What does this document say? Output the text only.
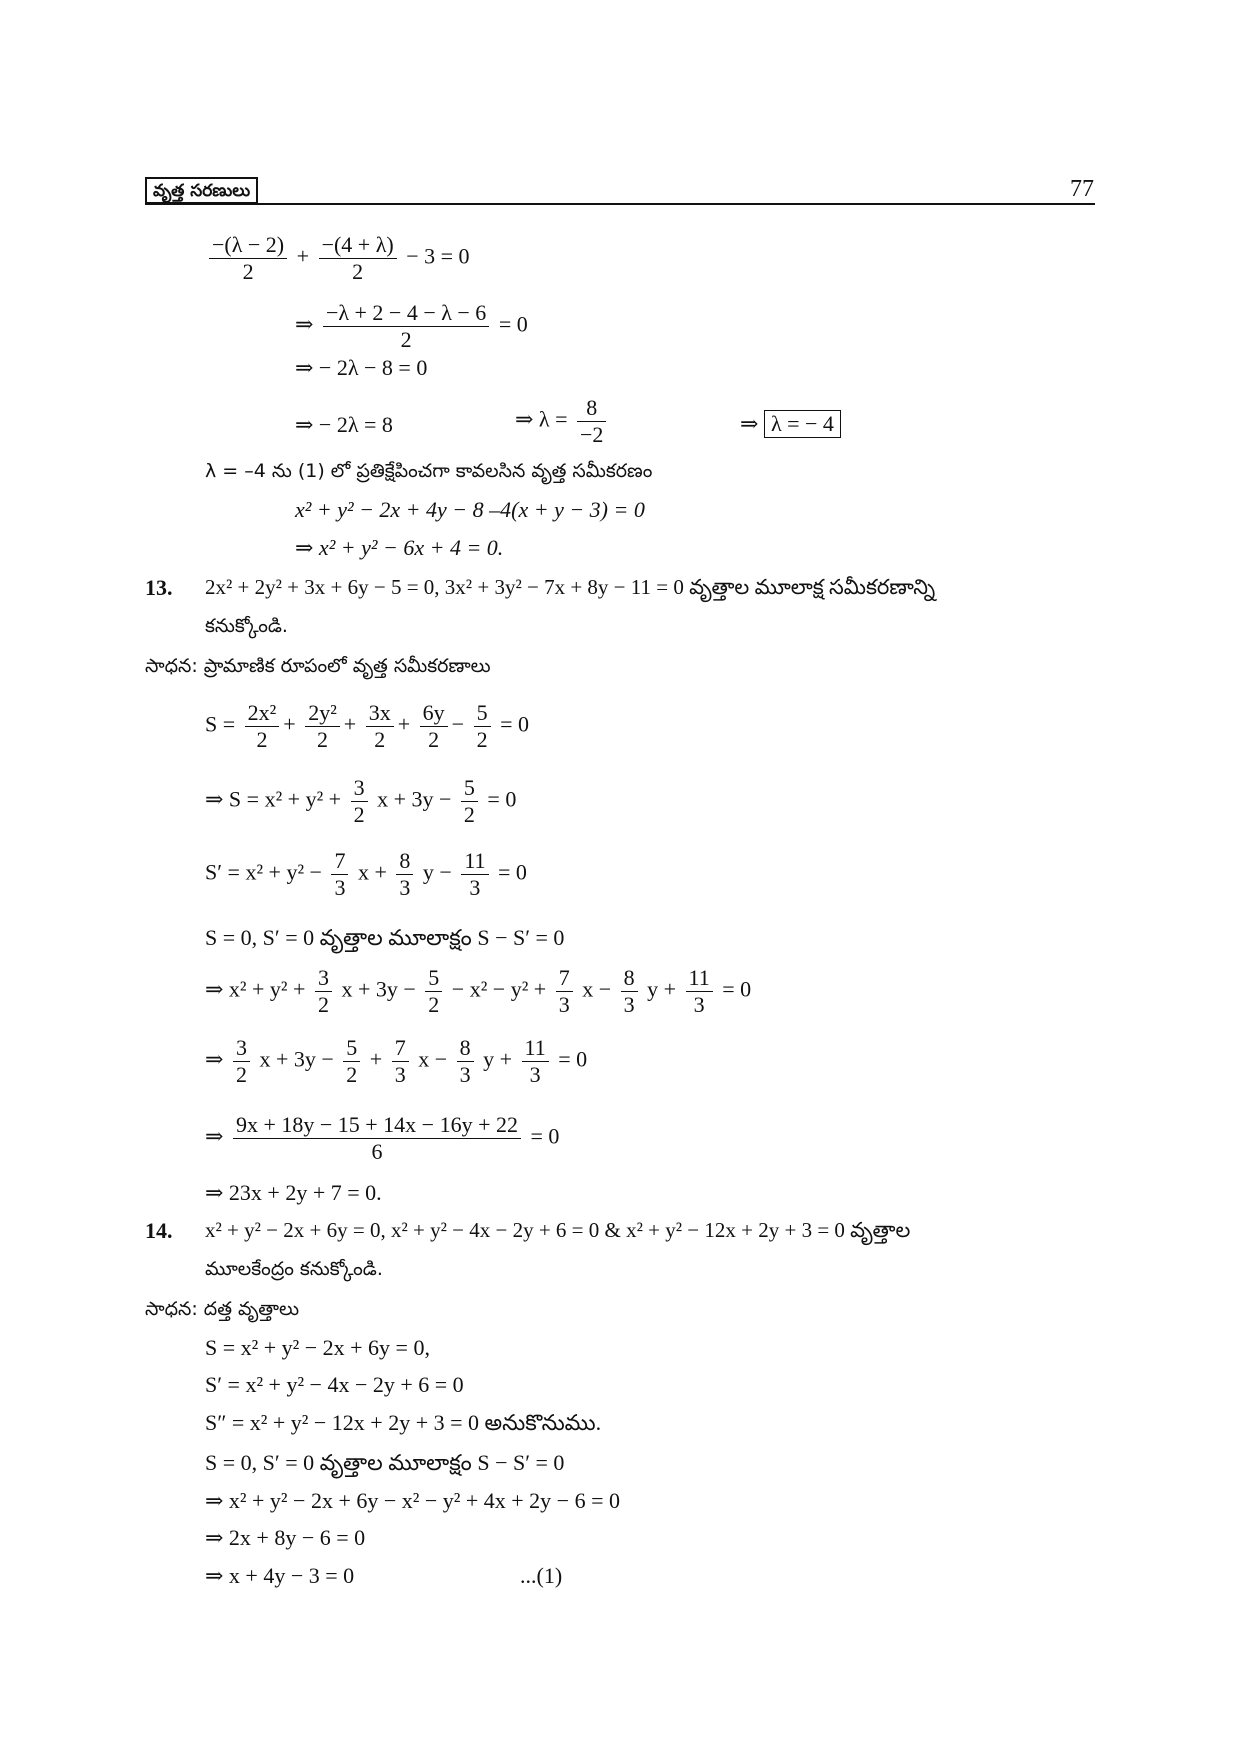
వృత్త సరణులు	77
$\frac{-(\lambda - 2)}{2} + \frac{-(4 + \lambda)}{2} - 3 = 0$
⇒ $\frac{-\lambda + 2 - 4 - \lambda - 6}{2} = 0$
⇒ − 2λ − 8 = 0
⇒ − 2λ = 8	⇒ $\lambda = \frac{8}{-2}$	⇒ λ = − 4
λ = –4 ను (1) లో ప్రతిక్షేపించగా కావలసిన వృత్త సమీకరణం
x² + y² − 2x + 4y − 8 –4(x + y − 3) = 0
⇒ x² + y² − 6x + 4 = 0.
13. 2x² + 2y² + 3x + 6y − 5 = 0, 3x² + 3y² − 7x + 8y − 11 = 0 వృత్తాల మూలాక్ష సమీకరణాన్ని
కనుక్కోండి.
సాధన: ప్రామాణిక రూపంలో వృత్త సమీకరణాలు
$S = \frac{\text{2x²}}{2} + \frac{\text{2y²}}{2} + \frac{3x}{2} + \frac{6y}{2} - \frac{5}{2} = 0$
⇒ $S = x^2 + y^2 + \frac{3}{2}$ $x + 3y - \frac{5}{2} = 0$
$S' = x^2 + y^2 - \frac{7}{3}$ $x + \frac{8}{3}$ $y - \frac{11}{3} = 0$
S = 0, S′ = 0 వృత్తాల మూలాక్షం S − S′ = 0
⇒ $x^2 + y^2 + \frac{3}{2}$ $x + 3y - \frac{5}{2} - x^2 - y^2 + \frac{7}{3}$ $x - \frac{8}{3}$ $y + \frac{11}{3} = 0$
⇒ $\frac{3}{2}$ $x + 3y - \frac{5}{2} + \frac{7}{3}$ $x - \frac{8}{3}$ $y + \frac{11}{3} = 0$
⇒ $\frac{9x + 18y - 15 + 14x - 16y + 22}{6} = 0$
⇒ 23x + 2y + 7 = 0.
14. x² + y² − 2x + 6y = 0, x² + y² − 4x − 2y + 6 = 0 & x² + y² − 12x + 2y + 3 = 0 వృత్తాల
మూలకేంద్రం కనుక్కోండి.
సాధన: దత్త వృత్తాలు
S = x² + y² − 2x + 6y = 0,
S′ = x² + y² − 4x − 2y + 6 = 0
S″ = x² + y² − 12x + 2y + 3 = 0 అనుకొనుము.
S = 0, S′ = 0 వృత్తాల మూలాక్షం S − S′ = 0
⇒ x² + y² − 2x + 6y − x² − y² + 4x + 2y − 6 = 0
⇒ 2x + 8y − 6 = 0
⇒ x + 4y − 3 = 0	...(1)
